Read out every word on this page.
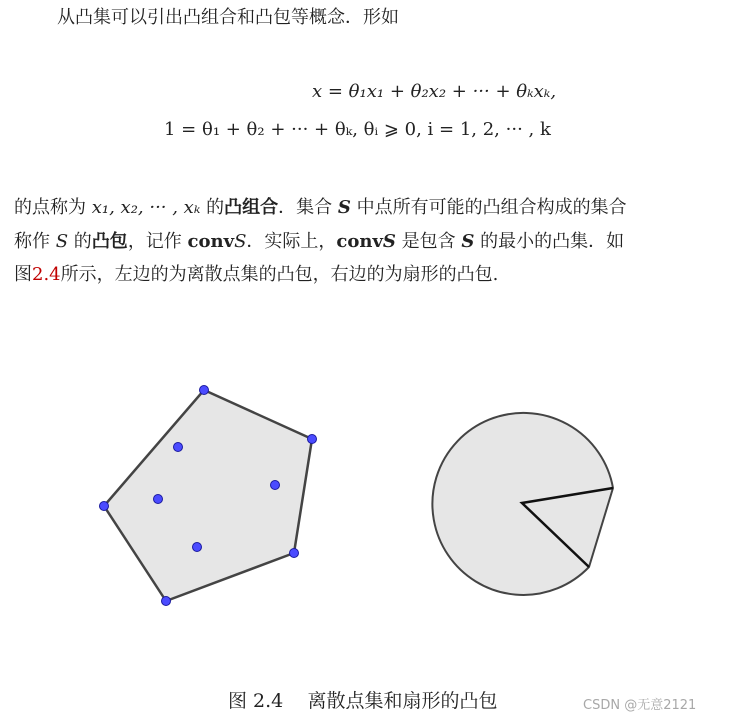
从凸集可以引出凸组合和凸包等概念．形如
x = θ₁x₁ + θ₂x₂ + ··· + θₖxₖ,
1 = θ₁ + θ₂ + ··· + θₖ, θᵢ ⩾ 0, i = 1, 2, ··· , k
的点称为 x₁, x₂, ··· , xₖ 的凸组合．集合 S 中点所有可能的凸组合构成的集合
称作 S 的凸包，记作 convS．实际上，convS 是包含 S 的最小的凸集．如
图2.4所示，左边的为离散点集的凸包，右边的为扇形的凸包.
图 2.4 离散点集和扇形的凸包	CSDN @无意2121
